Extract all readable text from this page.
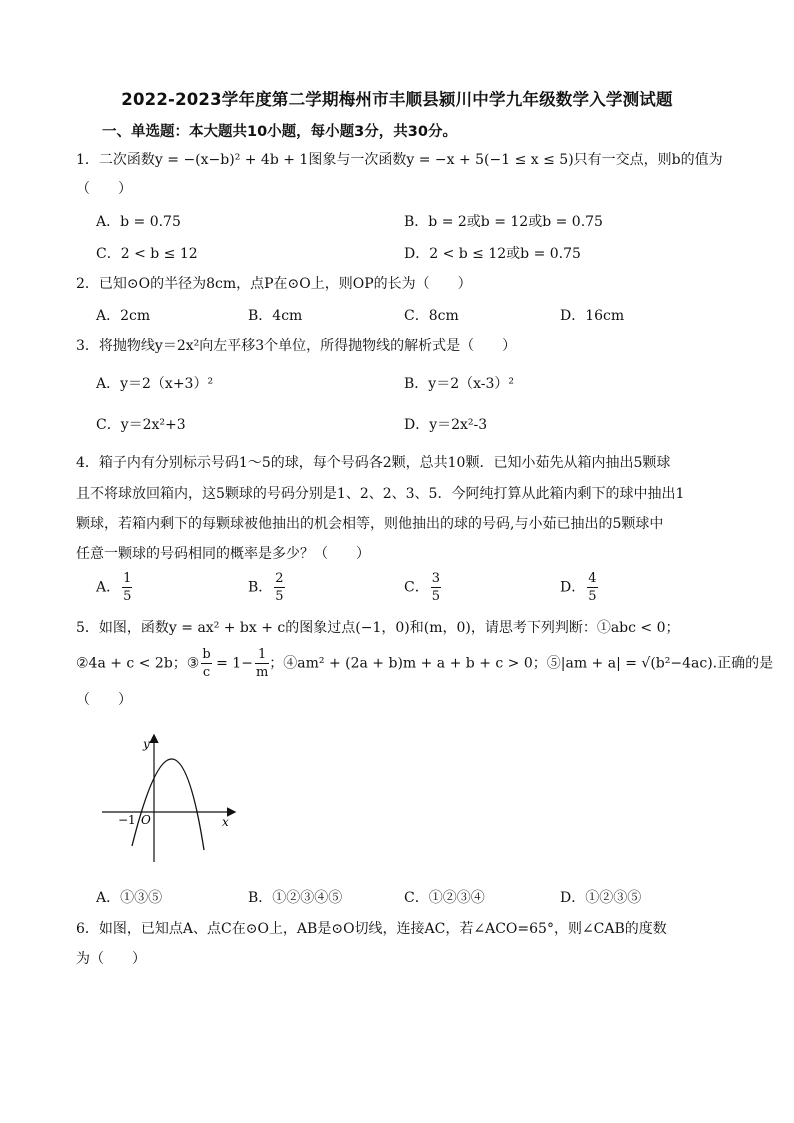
2022-2023学年度第二学期梅州市丰顺县颍川中学九年级数学入学测试题
一、单选题：本大题共10小题，每小题3分，共30分。
1．二次函数y = −(x−b)² + 4b + 1图象与一次函数y = −x + 5(−1 ≤ x ≤ 5)只有一交点，则b的值为
（　　）
A．b = 0.75	B．b = 2或b = 12或b = 0.75
C．2 < b ≤ 12	D．2 < b ≤ 12或b = 0.75
2．已知⊙O的半径为8cm，点P在⊙O上，则OP的长为（　　）
A．2cm	B．4cm	C．8cm	D．16cm
3．将抛物线y＝2x²向左平移3个单位，所得抛物线的解析式是（　　）
A．y＝2（x+3）²	B．y＝2（x-3）²
C．y＝2x²+3	D．y＝2x²-3
4．箱子内有分别标示号码1～5的球，每个号码各2颗，总共10颗．已知小茹先从箱内抽出5颗球
且不将球放回箱内，这5颗球的号码分别是1、2、2、3、5．今阿纯打算从此箱内剩下的球中抽出1
颗球，若箱内剩下的每颗球被他抽出的机会相等，则他抽出的球的号码,与小茹已抽出的5颗球中
任意一颗球的号码相同的概率是多少？（　　）
A． $\frac{1}{5}$	B． $\frac{2}{5}$	C． $\frac{3}{5}$	D． $\frac{4}{5}$
5．如图，函数y = ax² + bx + c的图象过点(−1，0)和(m，0)，请思考下列判断：①abc < 0；
②4a + c < 2b；③ $\frac{b}{c} = 1- \frac{1}{m}$ ；④am² + (2a + b)m + a + b + c > 0；⑤|am + a| = √(b²−4ac).正确的是
（　　）
y
x
−1 O
A．①③⑤	B．①②③④⑤	C．①②③④	D．①②③⑤
6．如图，已知点A、点C在⊙O上，AB是⊙O切线，连接AC，若∠ACO=65°，则∠CAB的度数
为（　　）
